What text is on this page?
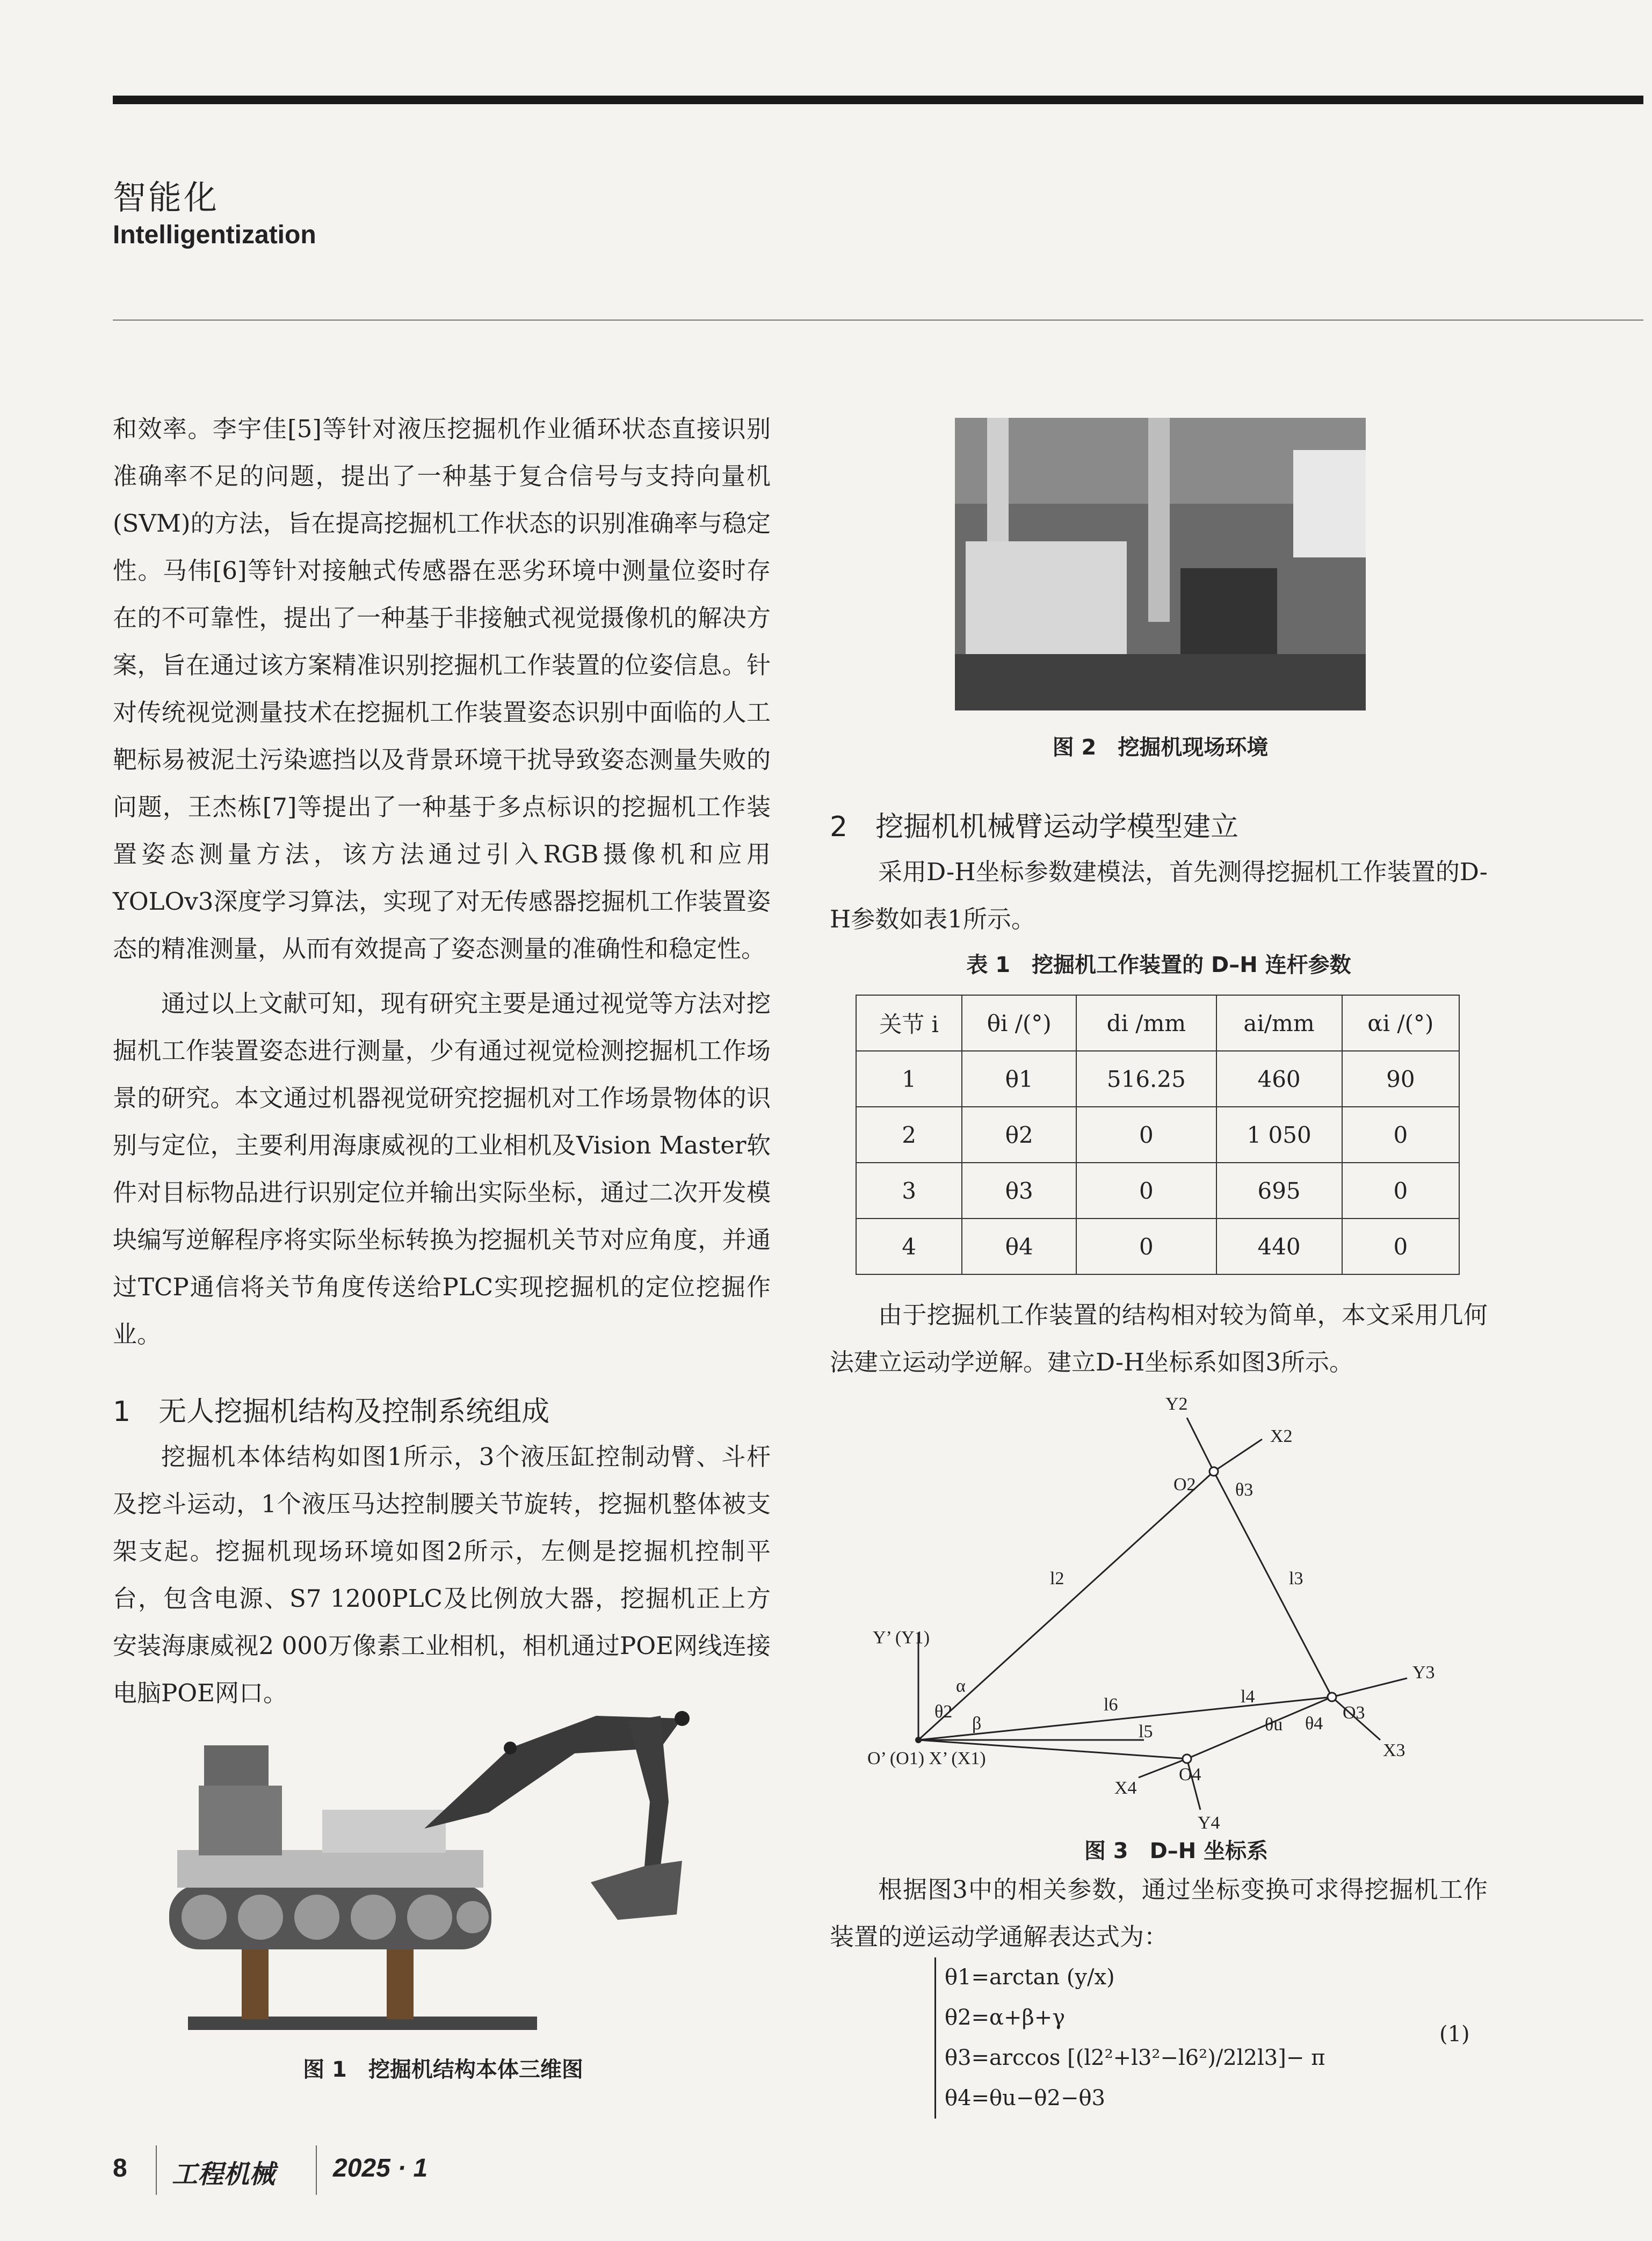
智能化
Intelligentization

和效率。李宇佳[5]等针对液压挖掘机作业循环状态直接识别准确率不足的问题，提出了一种基于复合信号与支持向量机(SVM)的方法，旨在提高挖掘机工作状态的识别准确率与稳定性。马伟[6]等针对接触式传感器在恶劣环境中测量位姿时存在的不可靠性，提出了一种基于非接触式视觉摄像机的解决方案，旨在通过该方案精准识别挖掘机工作装置的位姿信息。针对传统视觉测量技术在挖掘机工作装置姿态识别中面临的人工靶标易被泥土污染遮挡以及背景环境干扰导致姿态测量失败的问题，王杰栋[7]等提出了一种基于多点标识的挖掘机工作装置姿态测量方法，该方法通过引入RGB摄像机和应用YOLOv3深度学习算法，实现了对无传感器挖掘机工作装置姿态的精准测量，从而有效提高了姿态测量的准确性和稳定性。

通过以上文献可知，现有研究主要是通过视觉等方法对挖掘机工作装置姿态进行测量，少有通过视觉检测挖掘机工作场景的研究。本文通过机器视觉研究挖掘机对工作场景物体的识别与定位，主要利用海康威视的工业相机及Vision Master软件对目标物品进行识别定位并输出实际坐标，通过二次开发模块编写逆解程序将实际坐标转换为挖掘机关节对应角度，并通过TCP通信将关节角度传送给PLC实现挖掘机的定位挖掘作业。

1　无人挖掘机结构及控制系统组成

挖掘机本体结构如图1所示，3个液压缸控制动臂、斗杆及挖斗运动，1个液压马达控制腰关节旋转，挖掘机整体被支架支起。挖掘机现场环境如图2所示，左侧是挖掘机控制平台，包含电源、S7 1200PLC及比例放大器，挖掘机正上方安装海康威视2 000万像素工业相机，相机通过POE网线连接电脑POE网口。

图 1　挖掘机结构本体三维图
图 2　挖掘机现场环境
2　挖掘机机械臂运动学模型建立

采用D-H坐标参数建模法，首先测得挖掘机工作装置的D-H参数如表1所示。

表 1　挖掘机工作装置的 D–H 连杆参数
关节 i	θi /(°)	di /mm	ai/mm	αi /(°)
1	θ1	516.25	460	90
2	θ2	0	1 050	0
3	θ3	0	695	0
4	θ4	0	440	0

由于挖掘机工作装置的结构相对较为简单，本文采用几何法建立运动学逆解。建立D-H坐标系如图3所示。

Y2
X2
O2 θ3
l2	l3
Y’ (Y1)
α
θ2
β
l6	l4
l5	θu θ4
Y3
O3
X3
O4
X4
Y4
O’ (O1) X’ (X1)
图 3　D–H 坐标系

根据图3中的相关参数，通过坐标变换可求得挖掘机工作装置的逆运动学通解表达式为：

θ1=arctan (y/x)
θ2=α+β+γ
θ3=arccos [(l2²+l3²−l6²)/2l2l3]− π
θ4=θu−θ2−θ3
(1)
8 工程机械 2025 · 1
